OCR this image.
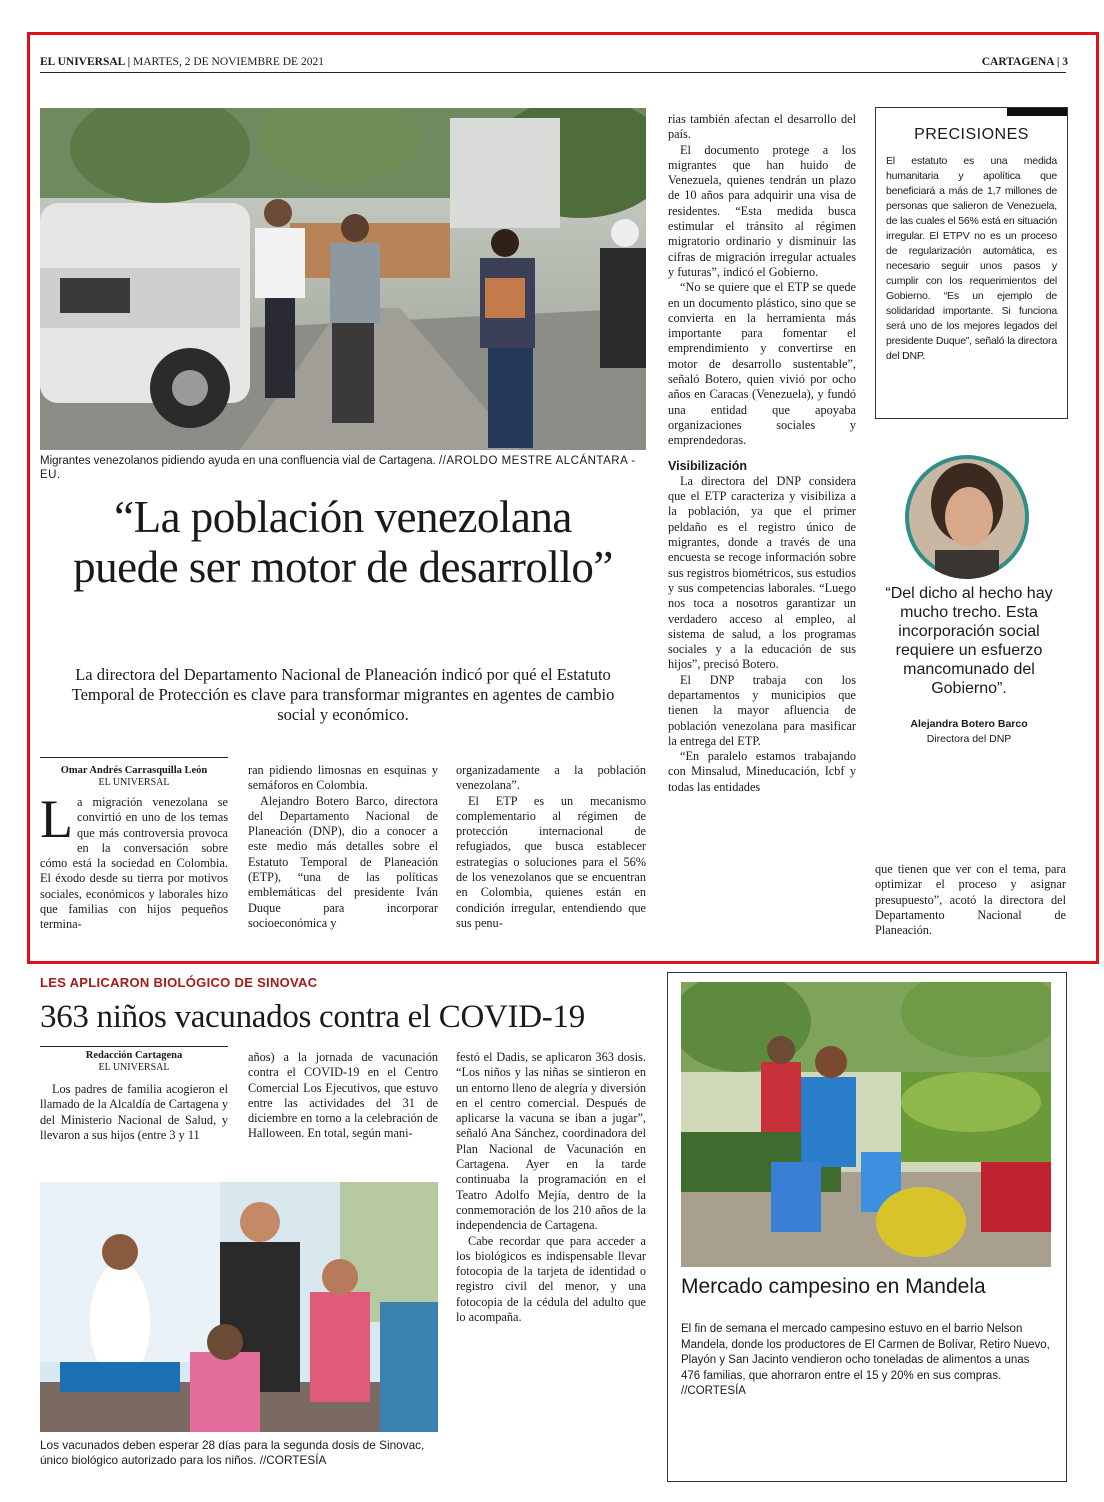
EL UNIVERSAL | MARTES, 2 DE NOVIEMBRE DE 2021	CARTAGENA | 3
Migrantes venezolanos pidiendo ayuda en una confluencia vial de Cartagena. //AROLDO MESTRE ALCÁNTARA - EU.
“La población venezolana puede ser motor de desarrollo”
La directora del Departamento Nacional de Planeación indicó por qué el Estatuto Temporal de Protección es clave para transformar migrantes en agentes de cambio social y económico.
Omar Andrés Carrasquilla León
EL UNIVERSAL
La migración venezolana se convirtió en uno de los temas que más controversia provoca en la conversación sobre cómo está la sociedad en Colombia. El éxodo desde su tierra por motivos sociales, económicos y laborales hizo que familias con hijos pequeños termina-

ran pidiendo limosnas en esquinas y semáforos en Colombia.

Alejandro Botero Barco, directora del Departamento Nacional de Planeación (DNP), dio a conocer a este medio más detalles sobre el Estatuto Temporal de Planeación (ETP), “una de las políticas emblemáticas del presidente Iván Duque para incorporar socioeconómica y

organizadamente a la población venezolana”.

El ETP es un mecanismo complementario al régimen de protección internacional de refugiados, que busca establecer estrategias o soluciones para el 56% de los venezolanos que se encuentran en Colombia, quienes están en condición irregular, entendiendo que sus penu-

rias también afectan el desarrollo del país.

El documento protege a los migrantes que han huido de Venezuela, quienes tendrán un plazo de 10 años para adquirir una visa de residentes. “Esta medida busca estimular el tránsito al régimen migratorio ordinario y disminuir las cifras de migración irregular actuales y futuras”, indicó el Gobierno.

“No se quiere que el ETP se quede en un documento plástico, sino que se convierta en la herramienta más importante para fomentar el emprendimiento y convertirse en motor de desarrollo sustentable”, señaló Botero, quien vivió por ocho años en Caracas (Venezuela), y fundó una entidad que apoyaba organizaciones sociales y emprendedoras.

Visibilización

La directora del DNP considera que el ETP caracteriza y visibiliza a la población, ya que el primer peldaño es el registro único de migrantes, donde a través de una encuesta se recoge información sobre sus registros biométricos, sus estudios y sus competencias laborales. “Luego nos toca a nosotros garantizar un verdadero acceso al empleo, al sistema de salud, a los programas sociales y a la educación de sus hijos”, precisó Botero.

El DNP trabaja con los departamentos y municipios que tienen la mayor afluencia de población venezolana para masificar la entrega del ETP.

“En paralelo estamos trabajando con Minsalud, Mineducación, Icbf y todas las entidades

PRECISIONES
El estatuto es una medida humanitaria y apolítica que beneficiará a más de 1,7 millones de personas que salieron de Venezuela, de las cuales el 56% está en situación irregular. El ETPV no es un proceso de regularización automática, es necesario seguir unos pasos y cumplir con los requerimientos del Gobierno. “Es un ejemplo de solidaridad importante. Si funciona será uno de los mejores legados del presidente Duque”, señaló la directora del DNP.
“Del dicho al hecho hay mucho trecho. Esta incorporación social requiere un esfuerzo mancomunado del Gobierno”.
Alejandra Botero Barco
Directora del DNP

que tienen que ver con el tema, para optimizar el proceso y asignar presupuesto”, acotó la directora del Departamento Nacional de Planeación.

LES APLICARON BIOLÓGICO DE SINOVAC
363 niños vacunados contra el COVID-19
Redacción Cartagena
EL UNIVERSAL

Los padres de familia acogieron el llamado de la Alcaldía de Cartagena y del Ministerio Nacional de Salud, y llevaron a sus hijos (entre 3 y 11

años) a la jornada de vacunación contra el COVID-19 en el Centro Comercial Los Ejecutivos, que estuvo entre las actividades del 31 de diciembre en torno a la celebración de Halloween. En total, según mani-

festó el Dadis, se aplicaron 363 dosis. “Los niños y las niñas se sintieron en un entorno lleno de alegría y diversión en el centro comercial. Después de aplicarse la vacuna se iban a jugar”, señaló Ana Sánchez, coordinadora del Plan Nacional de Vacunación en Cartagena. Ayer en la tarde continuaba la programación en el Teatro Adolfo Mejía, dentro de la conmemoración de los 210 años de la independencia de Cartagena.

Cabe recordar que para acceder a los biológicos es indispensable llevar fotocopia de la tarjeta de identidad o registro civil del menor, y una fotocopia de la cédula del adulto que lo acompaña.

Los vacunados deben esperar 28 días para la segunda dosis de Sinovac, único biológico autorizado para los niños. //CORTESÍA
Mercado campesino en Mandela
El fin de semana el mercado campesino estuvo en el barrio Nelson Mandela, donde los productores de El Carmen de Bolívar, Retiro Nuevo, Playón y San Jacinto vendieron ocho toneladas de alimentos a unas 476 familias, que ahorraron entre el 15 y 20% en sus compras. //CORTESÍA
